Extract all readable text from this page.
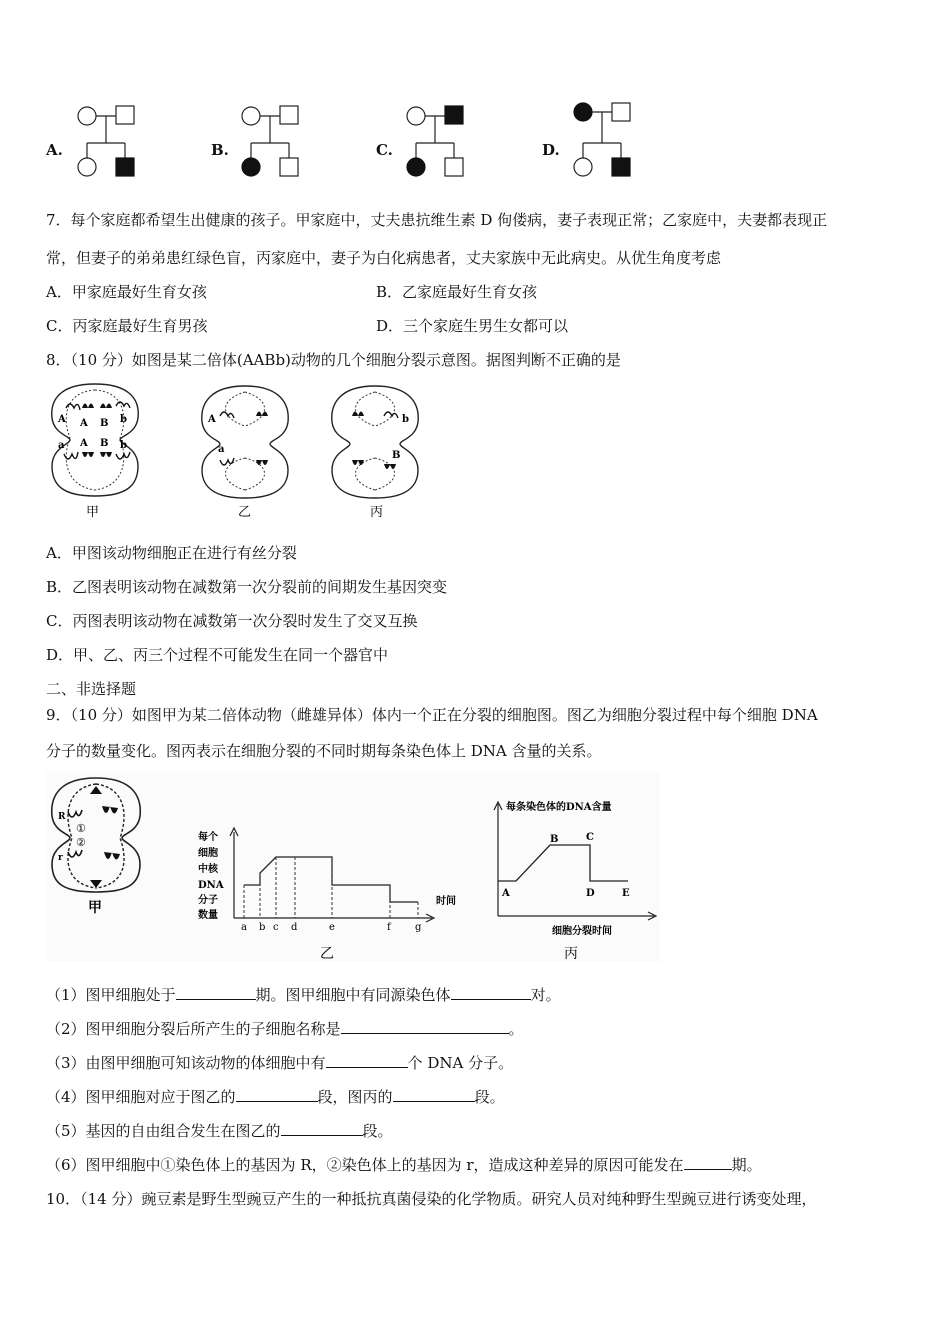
A.	B.	C.	D.
7．每个家庭都希望生出健康的孩子。甲家庭中，丈夫患抗维生素 D 佝偻病，妻子表现正常；乙家庭中，夫妻都表现正
常，但妻子的弟弟患红绿色盲，丙家庭中，妻子为白化病患者，丈夫家族中无此病史。从优生角度考虑
A．甲家庭最好生育女孩	B．乙家庭最好生育女孩
C．丙家庭最好生育男孩	D．三个家庭生男生女都可以
8．（10 分）如图是某二倍体(AABb)动物的几个细胞分裂示意图。据图判断不正确的是
A A B b
a A B b
甲
A
a
乙
b
B
丙
A．甲图该动物细胞正在进行有丝分裂
B．乙图表明该动物在减数第一次分裂前的间期发生基因突变
C．丙图表明该动物在减数第一次分裂时发生了交叉互换
D．甲、乙、丙三个过程不可能发生在同一个器官中
二、非选择题
9．（10 分）如图甲为某二倍体动物（雌雄异体）体内一个正在分裂的细胞图。图乙为细胞分裂过程中每个细胞 DNA
分子的数量变化。图丙表示在细胞分裂的不同时期每条染色体上 DNA 含量的关系。
R
①
②
r
甲
每个
细胞
中核
DNA
分子
数量
时间
a b c d	e	f g
乙
每条染色体的DNA含量
A
B	C
D	E
细胞分裂时间
丙
（1）图甲细胞处于	期。图甲细胞中有同源染色体	对。
（2）图甲细胞分裂后所产生的子细胞名称是	。
（3）由图甲细胞可知该动物的体细胞中有	个 DNA 分子。
（4）图甲细胞对应于图乙的	段，图丙的	段。
（5）基因的自由组合发生在图乙的	段。
（6）图甲细胞中①染色体上的基因为 R，②染色体上的基因为 r，造成这种差异的原因可能发在	期。
10．（14 分）豌豆素是野生型豌豆产生的一种抵抗真菌侵染的化学物质。研究人员对纯种野生型豌豆进行诱变处理，
